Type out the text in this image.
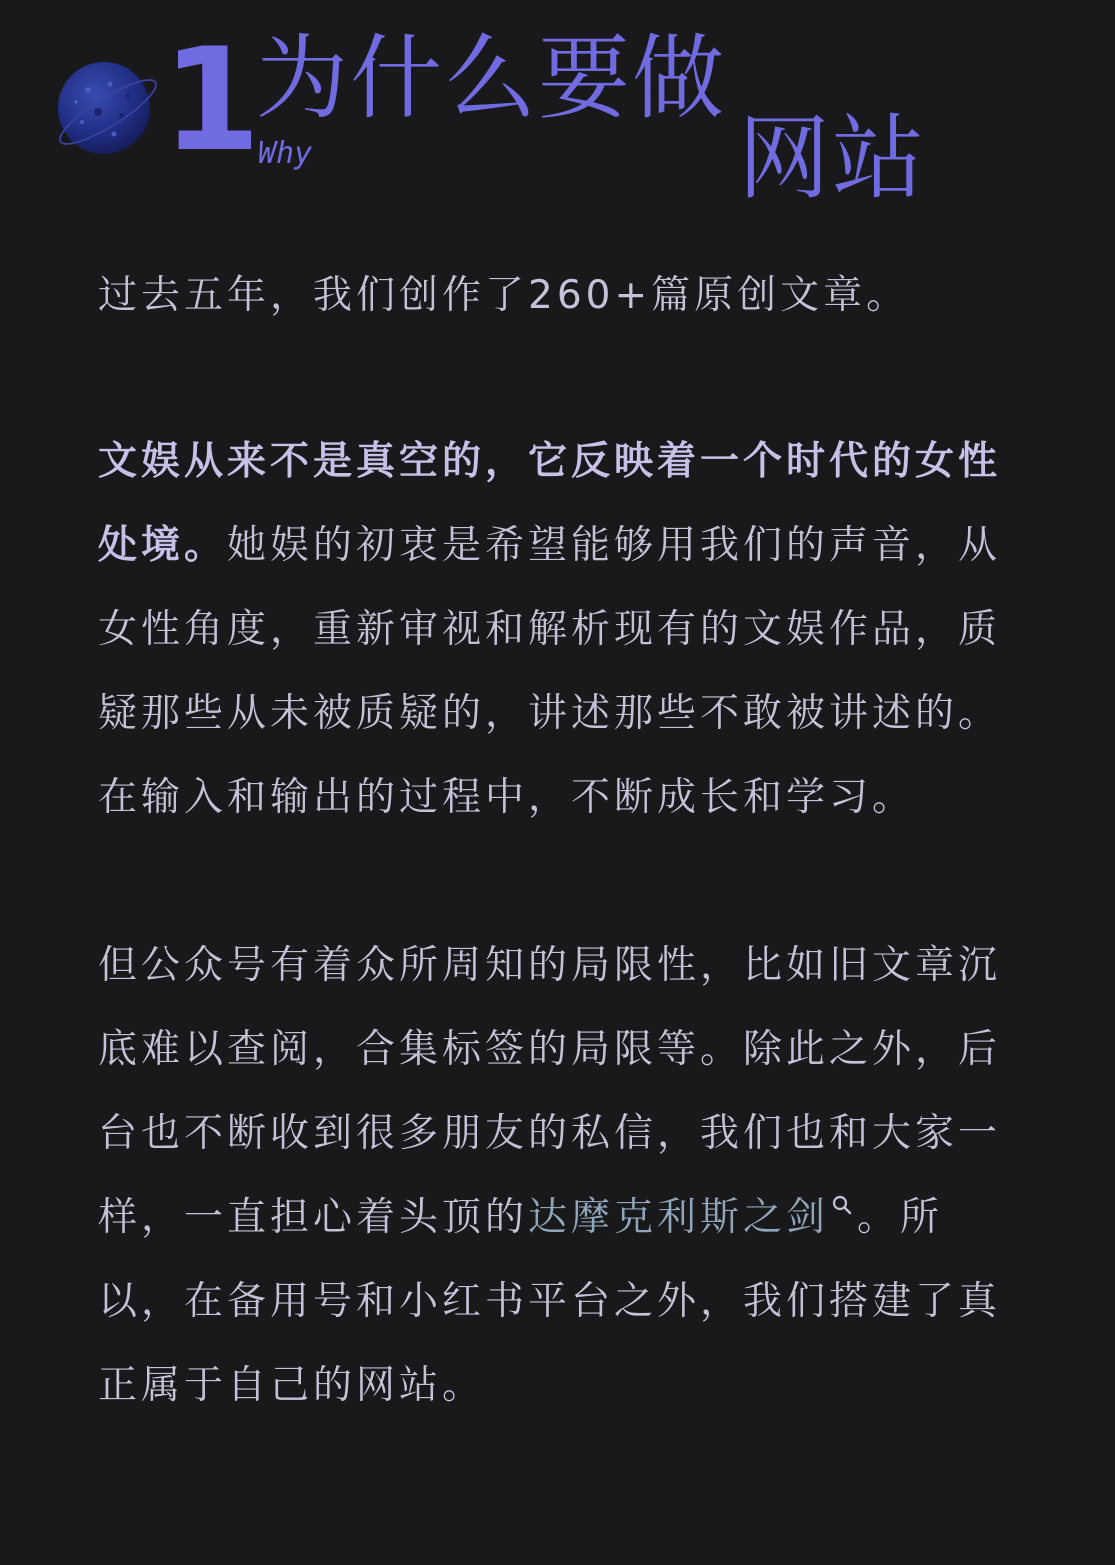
1 为什么要做
网站
Why

过去五年，我们创作了260+篇原创文章。

文娱从来不是真空的，它反映着一个时代的女性处境。她娱的初衷是希望能够用我们的声音，从女性角度，重新审视和解析现有的文娱作品，质疑那些从未被质疑的，讲述那些不敢被讲述的。在输入和输出的过程中，不断成长和学习。

但公众号有着众所周知的局限性，比如旧文章沉底难以查阅，合集标签的局限等。除此之外，后台也不断收到很多朋友的私信，我们也和大家一样，一直担心着头顶的达摩克利斯之剑 。所以，在备用号和小红书平台之外，我们搭建了真正属于自己的网站。
